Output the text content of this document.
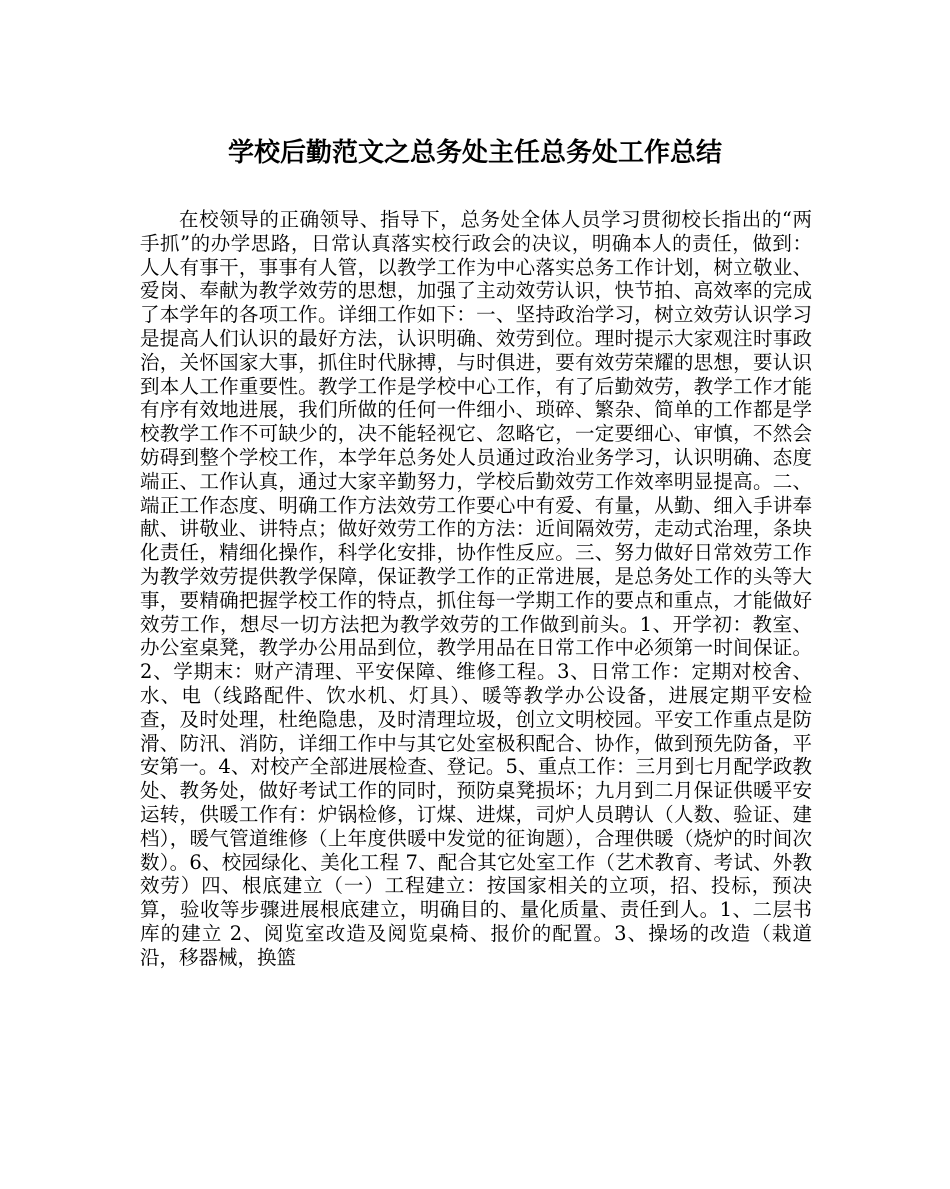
学校后勤范文之总务处主任总务处工作总结

在校领导的正确领导、指导下，总务处全体人员学习贯彻校长指出的“两手抓”的办学思路，日常认真落实校行政会的决议，明确本人的责任，做到：人人有事干，事事有人管，以教学工作为中心落实总务工作计划，树立敬业、爱岗、奉献为教学效劳的思想，加强了主动效劳认识，快节拍、高效率的完成了本学年的各项工作。详细工作如下：一、坚持政治学习，树立效劳认识学习是提高人们认识的最好方法，认识明确、效劳到位。理时提示大家观注时事政治，关怀国家大事，抓住时代脉搏，与时俱进，要有效劳荣耀的思想，要认识到本人工作重要性。教学工作是学校中心工作，有了后勤效劳，教学工作才能有序有效地进展，我们所做的任何一件细小、琐碎、繁杂、简单的工作都是学校教学工作不可缺少的，决不能轻视它、忽略它，一定要细心、审慎，不然会妨碍到整个学校工作，本学年总务处人员通过政治业务学习，认识明确、态度端正、工作认真，通过大家辛勤努力，学校后勤效劳工作效率明显提高。二、端正工作态度、明确工作方法效劳工作要心中有爱、有量，从勤、细入手讲奉献、讲敬业、讲特点；做好效劳工作的方法：近间隔效劳，走动式治理，条块化责任，精细化操作，科学化安排，协作性反应。三、努力做好日常效劳工作为教学效劳提供教学保障，保证教学工作的正常进展，是总务处工作的头等大事，要精确把握学校工作的特点，抓住每一学期工作的要点和重点，才能做好效劳工作，想尽一切方法把为教学效劳的工作做到前头。1、开学初：教室、办公室桌凳，教学办公用品到位，教学用品在日常工作中必须第一时间保证。2、学期末：财产清理、平安保障、维修工程。3、日常工作：定期对校舍、水、电（线路配件、饮水机、灯具）、暖等教学办公设备，进展定期平安检查，及时处理，杜绝隐患，及时清理垃圾，创立文明校园。平安工作重点是防滑、防汛、消防，详细工作中与其它处室极积配合、协作，做到预先防备，平安第一。4、对校产全部进展检查、登记。5、重点工作：三月到七月配学政教处、教务处，做好考试工作的同时，预防桌凳损坏；九月到二月保证供暖平安运转，供暖工作有：炉锅检修，订煤、进煤，司炉人员聘认（人数、验证、建档），暖气管道维修（上年度供暖中发觉的征询题），合理供暖（烧炉的时间次数）。6、校园绿化、美化工程 7、配合其它处室工作（艺术教育、考试、外教效劳）四、根底建立（一）工程建立：按国家相关的立项，招、投标，预决算，验收等步骤进展根底建立，明确目的、量化质量、责任到人。1、二层书库的建立 2、阅览室改造及阅览桌椅、报价的配置。3、操场的改造（栽道沿，移器械，换篮
